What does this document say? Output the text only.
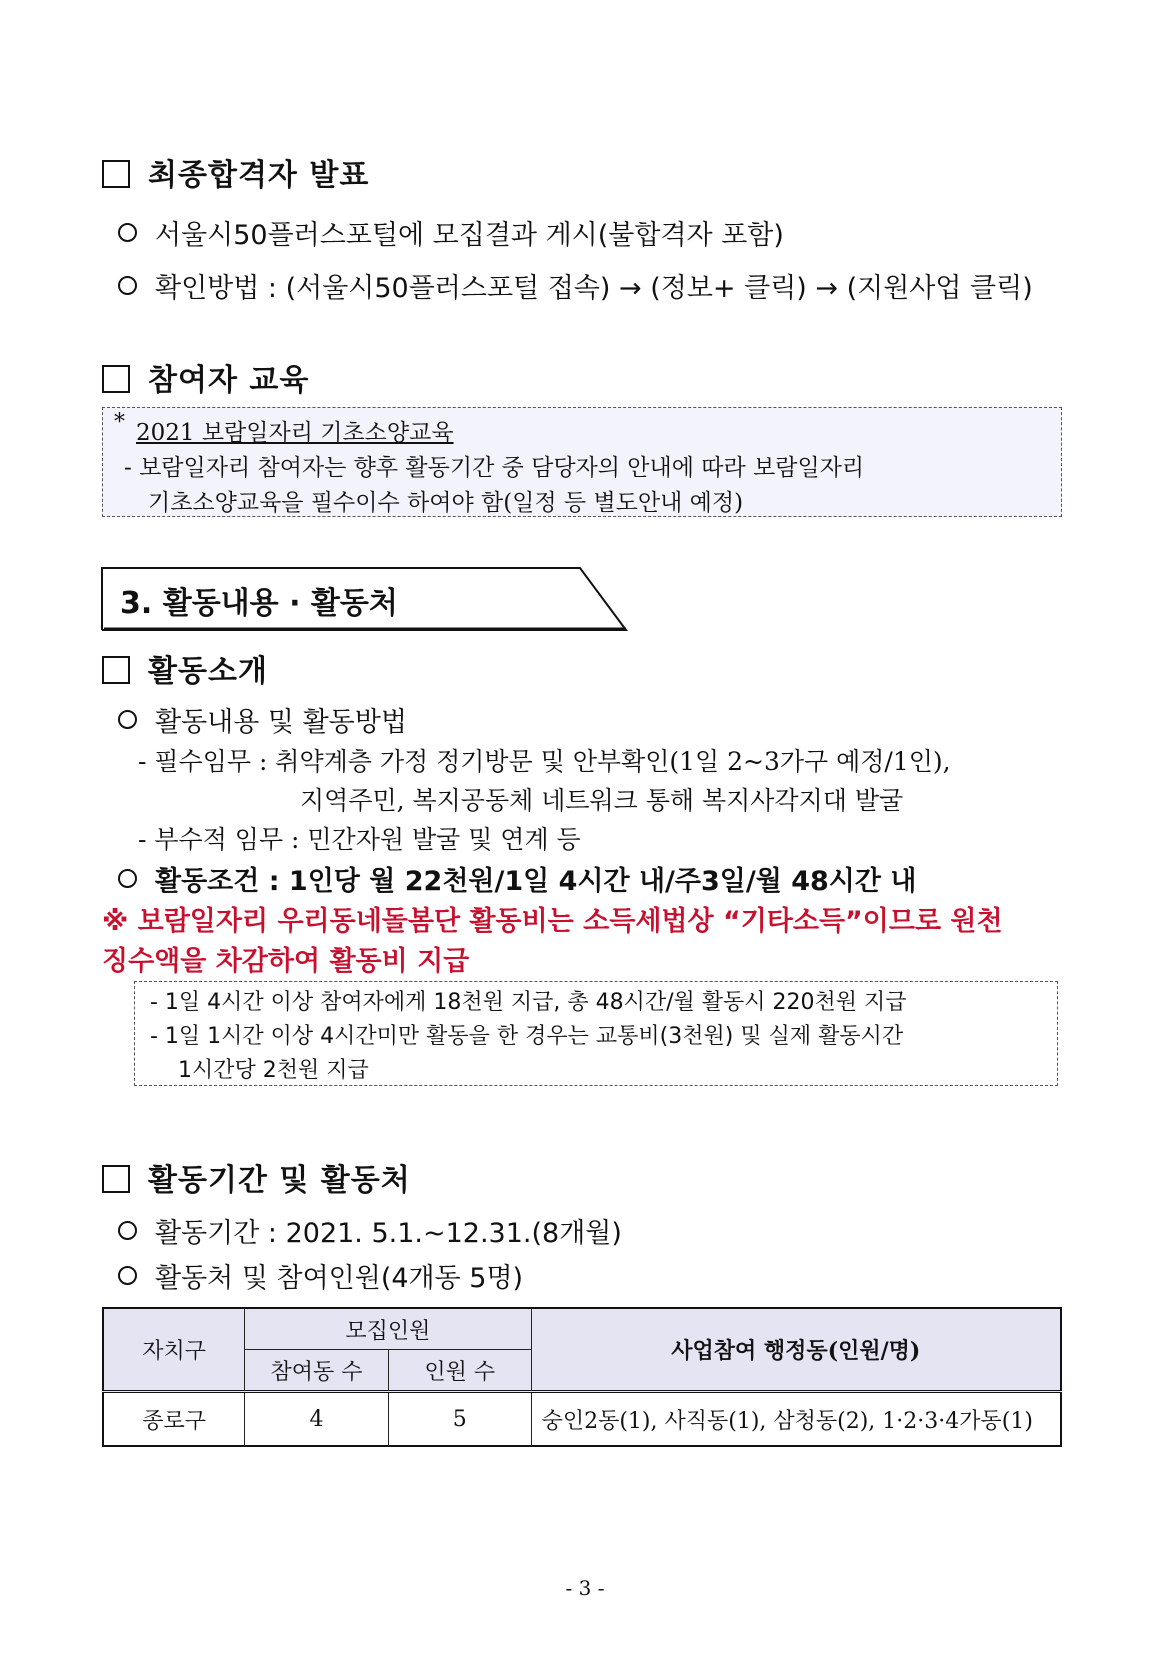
최종합격자 발표
서울시50플러스포털에 모집결과 게시(불합격자 포함)
확인방법 : (서울시50플러스포털 접속) → (정보+ 클릭) → (지원사업 클릭)
참여자 교육
* 2021 보람일자리 기초소양교육
- 보람일자리 참여자는 향후 활동기간 중 담당자의 안내에 따라 보람일자리
기초소양교육을 필수이수 하여야 함(일정 등 별도안내 예정)
3. 활동내용 · 활동처
활동소개
활동내용 및 활동방법
- 필수임무 : 취약계층 가정 정기방문 및 안부확인(1일 2~3가구 예정/1인),
지역주민, 복지공동체 네트워크 통해 복지사각지대 발굴
- 부수적 임무 : 민간자원 발굴 및 연계 등
활동조건 : 1인당 월 22천원/1일 4시간 내/주3일/월 48시간 내
※ 보람일자리 우리동네돌봄단 활동비는 소득세법상 “기타소득”이므로 원천
징수액을 차감하여 활동비 지급
- 1일 4시간 이상 참여자에게 18천원 지급, 총 48시간/월 활동시 220천원 지급
- 1일 1시간 이상 4시간미만 활동을 한 경우는 교통비(3천원) 및 실제 활동시간
1시간당 2천원 지급
활동기간 및 활동처
활동기간 : 2021. 5.1.~12.31.(8개월)
활동처 및 참여인원(4개동 5명)
자치구	모집인원		사업참여 행정동(인원/명)
	참여동 수	인원 수	
종로구	4	5	숭인2동(1), 사직동(1), 삼청동(2), 1·2·3·4가동(1)
- 3 -
